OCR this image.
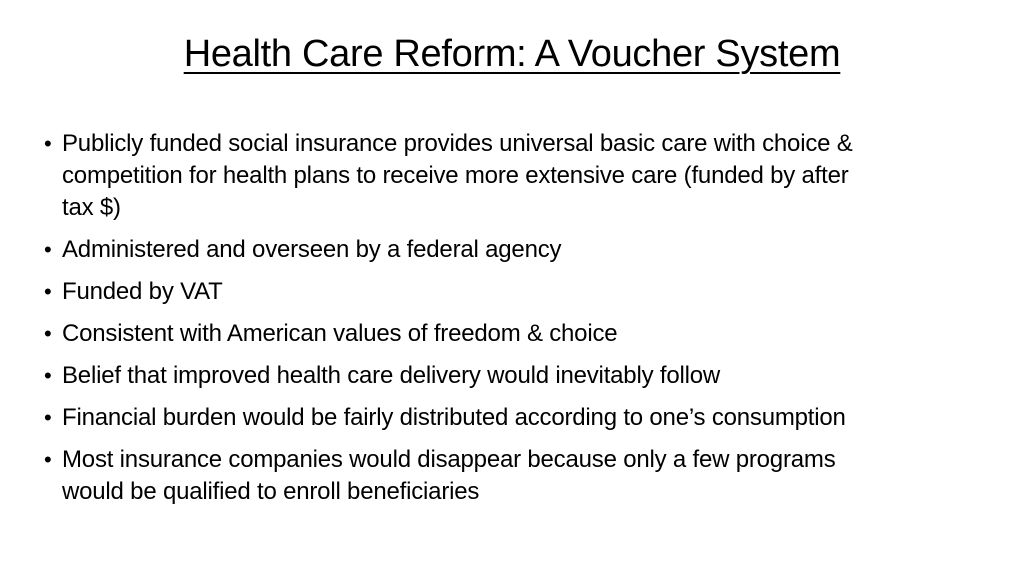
Health Care Reform: A Voucher System
• Publicly funded social insurance provides universal basic care with choice & competition for health plans to receive more extensive care (funded by after tax $)
• Administered and overseen by a federal agency
• Funded by VAT
• Consistent with American values of freedom & choice
• Belief that improved health care delivery would inevitably follow
• Financial burden would be fairly distributed according to one’s consumption
• Most insurance companies would disappear because only a few programs would be qualified to enroll beneficiaries
